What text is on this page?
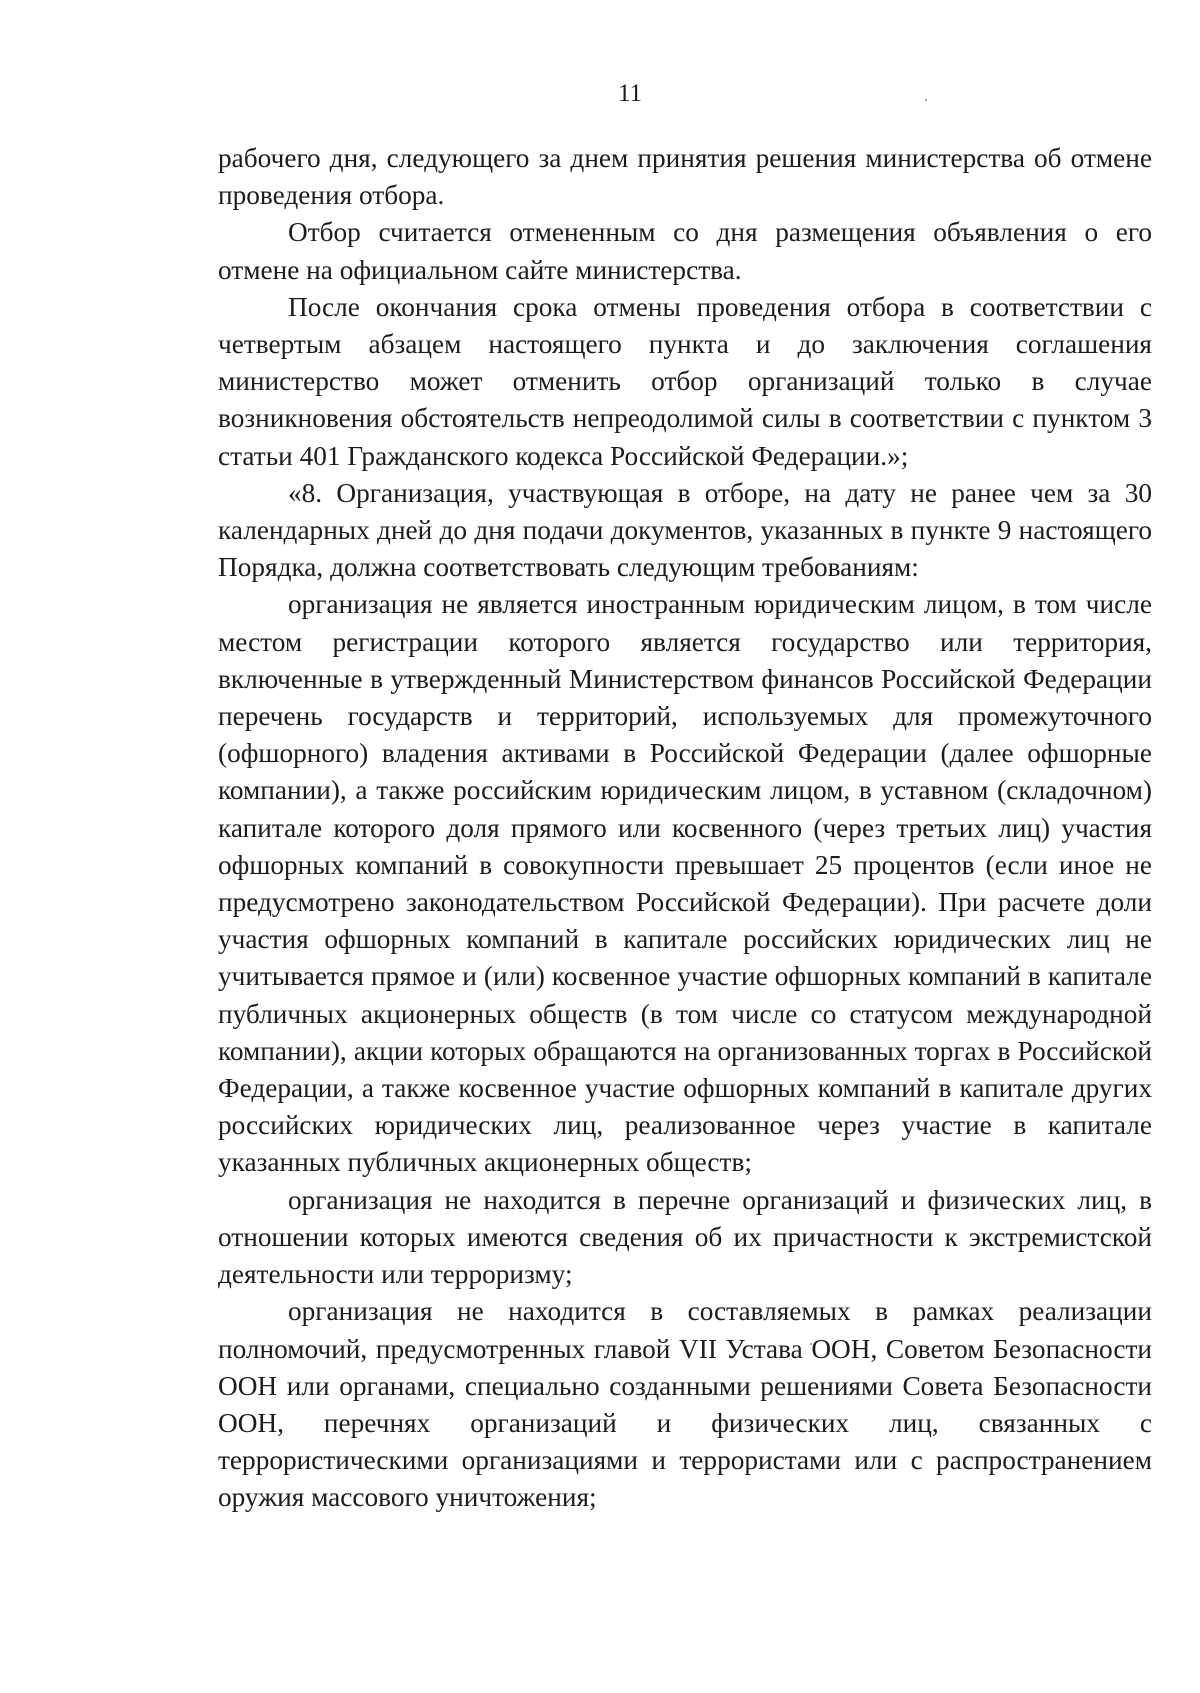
11

рабочего дня, следующего за днем принятия решения министерства об отмене проведения отбора.

Отбор считается отмененным со дня размещения объявления о его отмене на официальном сайте министерства.

После окончания срока отмены проведения отбора в соответствии с четвертым абзацем настоящего пункта и до заключения соглашения министерство может отменить отбор организаций только в случае возникновения обстоятельств непреодолимой силы в соответствии с пунктом 3 статьи 401 Гражданского кодекса Российской Федерации.»;

«8. Организация, участвующая в отборе, на дату не ранее чем за 30 календарных дней до дня подачи документов, указанных в пункте 9 настоящего Порядка, должна соответствовать следующим требованиям:

организация не является иностранным юридическим лицом, в том числе местом регистрации которого является государство или территория, включенные в утвержденный Министерством финансов Российской Федерации перечень государств и территорий, используемых для промежуточного (офшорного) владения активами в Российской Федерации (далее офшорные компании), а также российским юридическим лицом, в уставном (складочном) капитале которого доля прямого или косвенного (через третьих лиц) участия офшорных компаний в совокупности превышает 25 процентов (если иное не предусмотрено законодательством Российской Федерации). При расчете доли участия офшорных компаний в капитале российских юридических лиц не учитывается прямое и (или) косвенное участие офшорных компаний в капитале публичных акционерных обществ (в том числе со статусом международной компании), акции которых обращаются на организованных торгах в Российской Федерации, а также косвенное участие офшорных компаний в капитале других российских юридических лиц, реализованное через участие в капитале указанных публичных акционерных обществ;

организация не находится в перечне организаций и физических лиц, в отношении которых имеются сведения об их причастности к экстремистской деятельности или терроризму;

организация не находится в составляемых в рамках реализации полномочий, предусмотренных главой VII Устава ООН, Советом Безопасности ООН или органами, специально созданными решениями Совета Безопасности ООН, перечнях организаций и физических лиц, связанных с террористическими организациями и террористами или с распространением оружия массового уничтожения;
